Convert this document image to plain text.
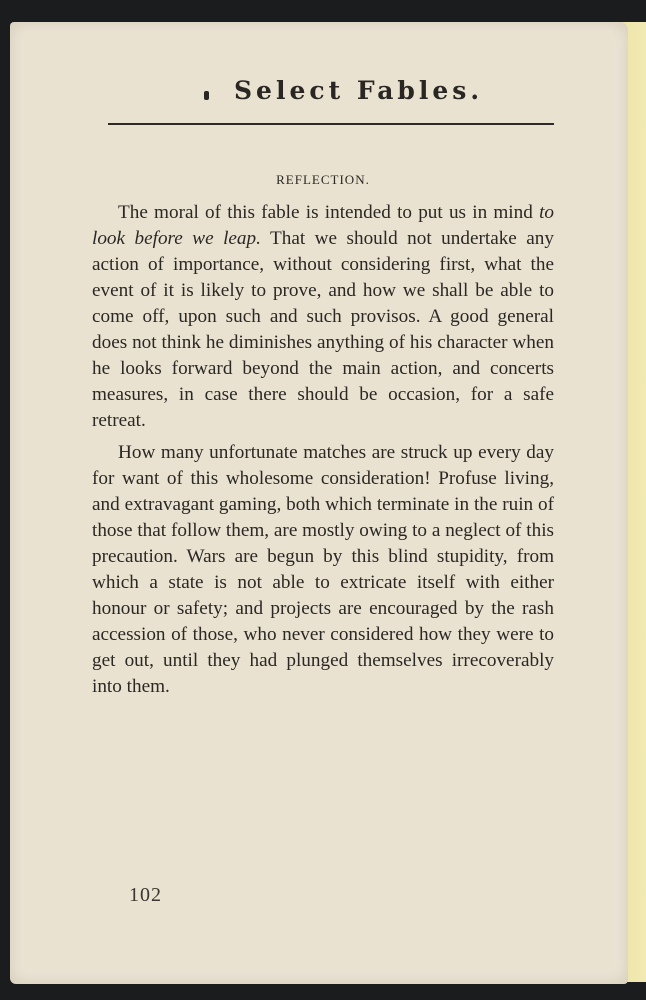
Select Fables.
REFLECTION.

The moral of this fable is intended to put us in mind to look before we leap. That we should not undertake any action of importance, without considering first, what the event of it is likely to prove, and how we shall be able to come off, upon such and such provisos. A good general does not think he diminishes anything of his character when he looks forward beyond the main action, and concerts measures, in case there should be occasion, for a safe retreat.

How many unfortunate matches are struck up every day for want of this wholesome consideration! Profuse living, and extravagant gaming, both which terminate in the ruin of those that follow them, are mostly owing to a neglect of this precaution. Wars are begun by this blind stupidity, from which a state is not able to extricate itself with either honour or safety; and projects are encouraged by the rash accession of those, who never considered how they were to get out, until they had plunged themselves irrecoverably into them.

102
